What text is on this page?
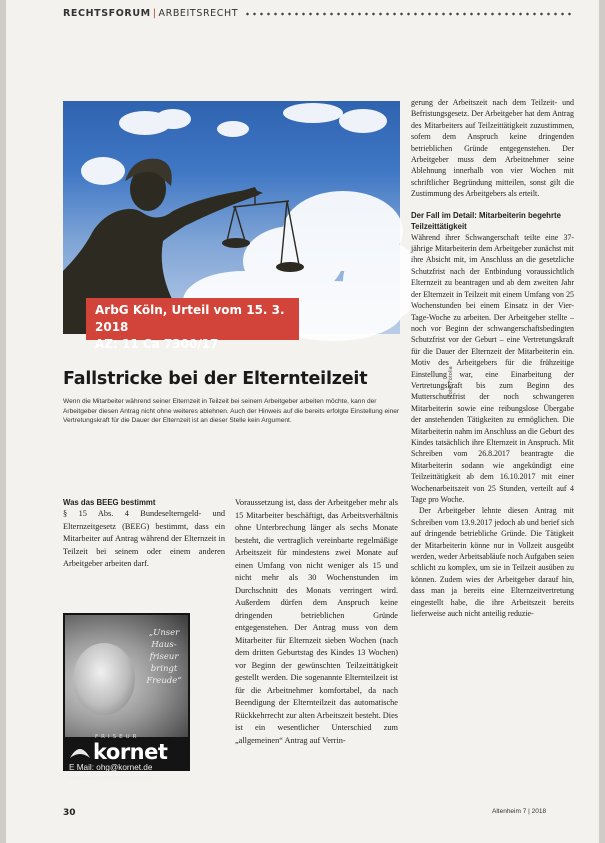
RECHTSFORUM | ARBEITSRECHT
Foto: Fotolia
ArbG Köln, Urteil vom 15. 3. 2018
AZ: 11 Ca 7300/17
Fallstricke bei der Elternteilzeit
Wenn die Mitarbeiter während seiner Elternzeit in Teilzeit bei seinem Arbeitgeber arbeiten möchte, kann der Arbeitgeber diesen Antrag nicht ohne weiteres ablehnen. Auch der Hinweis auf die bereits erfolgte Einstellung einer Vertretungskraft für die Dauer der Elternzeit ist an dieser Stelle kein Argument.

Was das BEEG bestimmt

§ 15 Abs. 4 Bundeselterngeld- und Elternzeitgesetz (BEEG) bestimmt, dass ein Mitarbeiter auf Antrag während der Elternzeit in Teilzeit bei seinem oder einem anderen Arbeitgeber arbeiten darf.

Voraussetzung ist, dass der Arbeitgeber mehr als 15 Mitarbeiter beschäftigt, das Arbeitsverhältnis ohne Unterbrechung länger als sechs Monate besteht, die vertraglich vereinbarte regelmäßige Arbeitszeit für mindestens zwei Monate auf einen Umfang von nicht weniger als 15 und nicht mehr als 30 Wochenstunden im Durchschnitt des Monats verringert wird. Außerdem dürfen dem Anspruch keine dringenden betrieblichen Gründe entgegenstehen. Der Antrag muss von dem Mitarbeiter für Elternzeit sieben Wochen (nach dem dritten Geburtstag des Kindes 13 Wochen) vor Beginn der gewünschten Teilzeittätigkeit gestellt werden. Die sogenannte Elternteilzeit ist für die Arbeitnehmer komfortabel, da nach Beendigung der Elternteilzeit das automatische Rückkehrrecht zur alten Arbeitszeit besteht. Dies ist ein wesentlicher Unterschied zum „allgemeinen“ Antrag auf Verrin-

gerung der Arbeitszeit nach dem Teilzeit- und Befristungsgesetz. Der Arbeitgeber hat dem Antrag des Mitarbeiters auf Teilzeittätigkeit zuzustimmen, sofern dem Anspruch keine dringenden betrieblichen Gründe entgegenstehen. Der Arbeitgeber muss dem Arbeitnehmer seine Ablehnung innerhalb von vier Wochen mit schriftlicher Begründung mitteilen, sonst gilt die Zustimmung des Arbeitgebers als erteilt.

Der Fall im Detail: Mitarbeiterin begehrte Teilzeittätigkeit

Während ihrer Schwangerschaft teilte eine 37-jährige Mitarbeiterin dem Arbeitgeber zunächst mit ihre Absicht mit, im Anschluss an die gesetzliche Schutzfrist nach der Entbindung voraussichtlich Elternzeit zu beantragen und ab dem zweiten Jahr der Elternzeit in Teilzeit mit einem Umfang von 25 Wochenstunden bei einem Einsatz in der Vier-Tage-Woche zu arbeiten. Der Arbeitgeber stellte – noch vor Beginn der schwangerschaftsbedingten Schutzfrist vor der Geburt – eine Vertretungskraft für die Dauer der Elternzeit der Mitarbeiterin ein. Motiv des Arbeitgebers für die frühzeitige Einstellung war, eine Einarbeitung der Vertretungskraft bis zum Beginn des Mutterschutzfrist der noch schwangeren Mitarbeiterin sowie eine reibungslose Übergabe der anstehenden Tätigkeiten zu ermöglichen. Die Mitarbeiterin nahm im Anschluss an die Geburt des Kindes tatsächlich ihre Elternzeit in Anspruch. Mit Schreiben vom 26.8.2017 beantragte die Mitarbeiterin sodann wie angekündigt eine Teilzeittätigkeit ab dem 16.10.2017 mit einer Wochenarbeitszeit von 25 Stunden, verteilt auf 4 Tage pro Woche.

Der Arbeitgeber lehnte diesen Antrag mit Schreiben vom 13.9.2017 jedoch ab und berief sich auf dringende betriebliche Gründe. Die Tätigkeit der Mitarbeiterin könne nur in Vollzeit ausgeübt werden, weder Arbeitsabläufe noch Aufgaben seien schlicht zu komplex, um sie in Teilzeit ausüben zu können. Zudem wies der Arbeitgeber darauf hin, dass man ja bereits eine Elternzeitvertretung eingestellt habe, die ihre Arbeitszeit bereits lieferweise auch nicht anteilig reduzie-

„Unser Haus-friseur bringt Freude“
FRISEUR
kornet
E Mail: ohg@kornet.de
www.altenheimfriseur.de
30	Altenheim 7 | 2018
